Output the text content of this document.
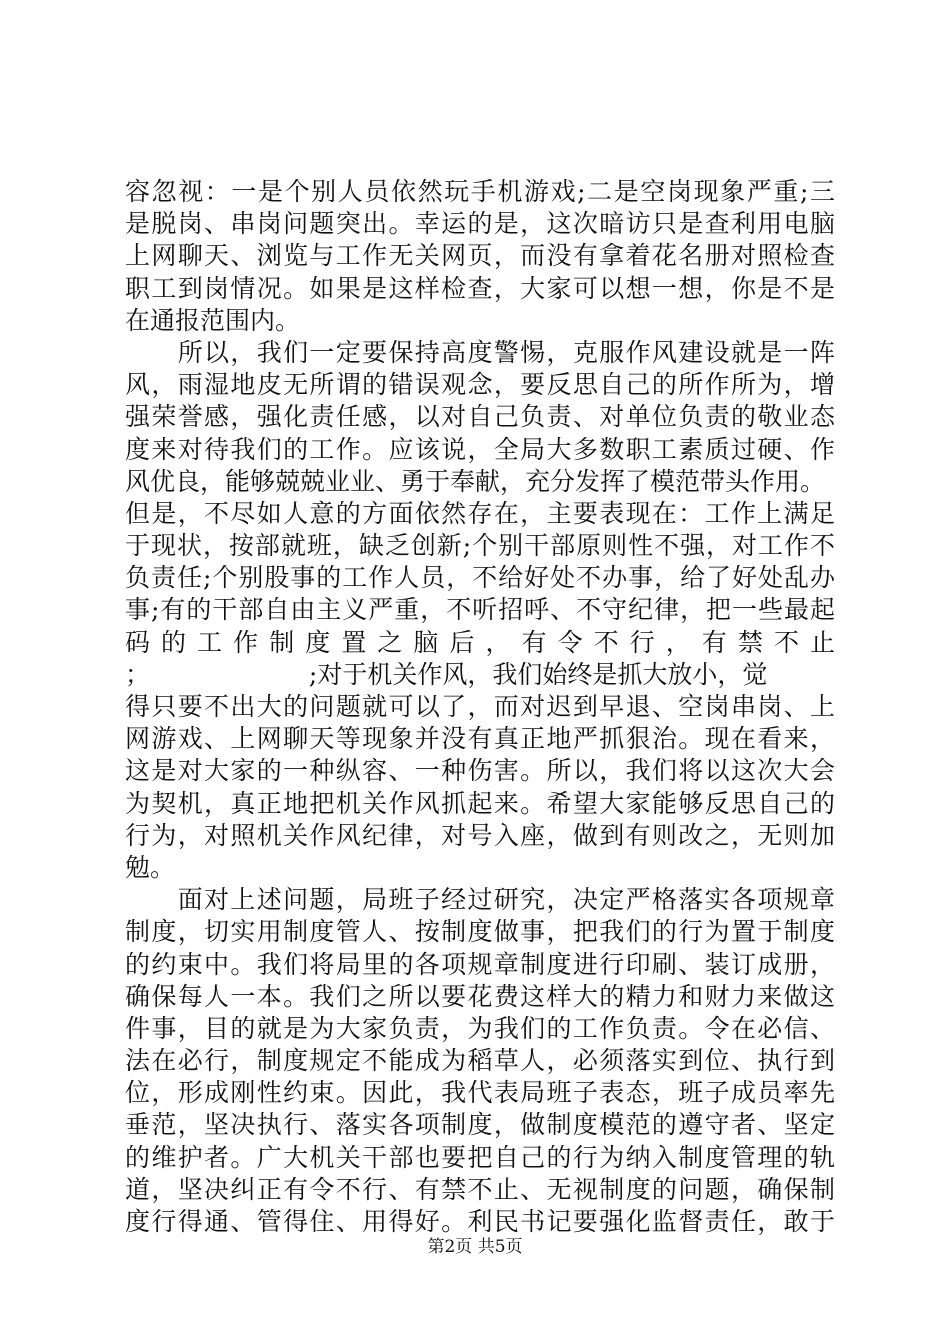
容忽视：一是个别人员依然玩手机游戏;二是空岗现象严重;三
是脱岗、串岗问题突出。幸运的是，这次暗访只是查利用电脑
上网聊天、浏览与工作无关网页，而没有拿着花名册对照检查
职工到岗情况。如果是这样检查，大家可以想一想，你是不是
在通报范围内。
　　所以，我们一定要保持高度警惕，克服作风建设就是一阵
风，雨湿地皮无所谓的错误观念，要反思自己的所作所为，增
强荣誉感，强化责任感，以对自己负责、对单位负责的敬业态
度来对待我们的工作。应该说，全局大多数职工素质过硬、作
风优良，能够兢兢业业、勇于奉献，充分发挥了模范带头作用。
但是，不尽如人意的方面依然存在，主要表现在：工作上满足
于现状，按部就班，缺乏创新;个别干部原则性不强，对工作不
负责任;个别股事的工作人员，不给好处不办事，给了好处乱办
事;有的干部自由主义严重，不听招呼、不守纪律，把一些最起
码 的 工 作 制 度 置 之 脑 后 ， 有 令 不 行 ， 有 禁 不 止
；                    ;对于机关作风，我们始终是抓大放小，觉
得只要不出大的问题就可以了，而对迟到早退、空岗串岗、上
网游戏、上网聊天等现象并没有真正地严抓狠治。现在看来，
这是对大家的一种纵容、一种伤害。所以，我们将以这次大会
为契机，真正地把机关作风抓起来。希望大家能够反思自己的
行为，对照机关作风纪律，对号入座，做到有则改之，无则加
勉。
　　面对上述问题，局班子经过研究，决定严格落实各项规章
制度，切实用制度管人、按制度做事，把我们的行为置于制度
的约束中。我们将局里的各项规章制度进行印刷、装订成册，
确保每人一本。我们之所以要花费这样大的精力和财力来做这
件事，目的就是为大家负责，为我们的工作负责。令在必信、
法在必行，制度规定不能成为稻草人，必须落实到位、执行到
位，形成刚性约束。因此，我代表局班子表态，班子成员率先
垂范，坚决执行、落实各项制度，做制度模范的遵守者、坚定
的维护者。广大机关干部也要把自己的行为纳入制度管理的轨
道，坚决纠正有令不行、有禁不止、无视制度的问题，确保制
度行得通、管得住、用得好。利民书记要强化监督责任，敢于
第2页 共5页
